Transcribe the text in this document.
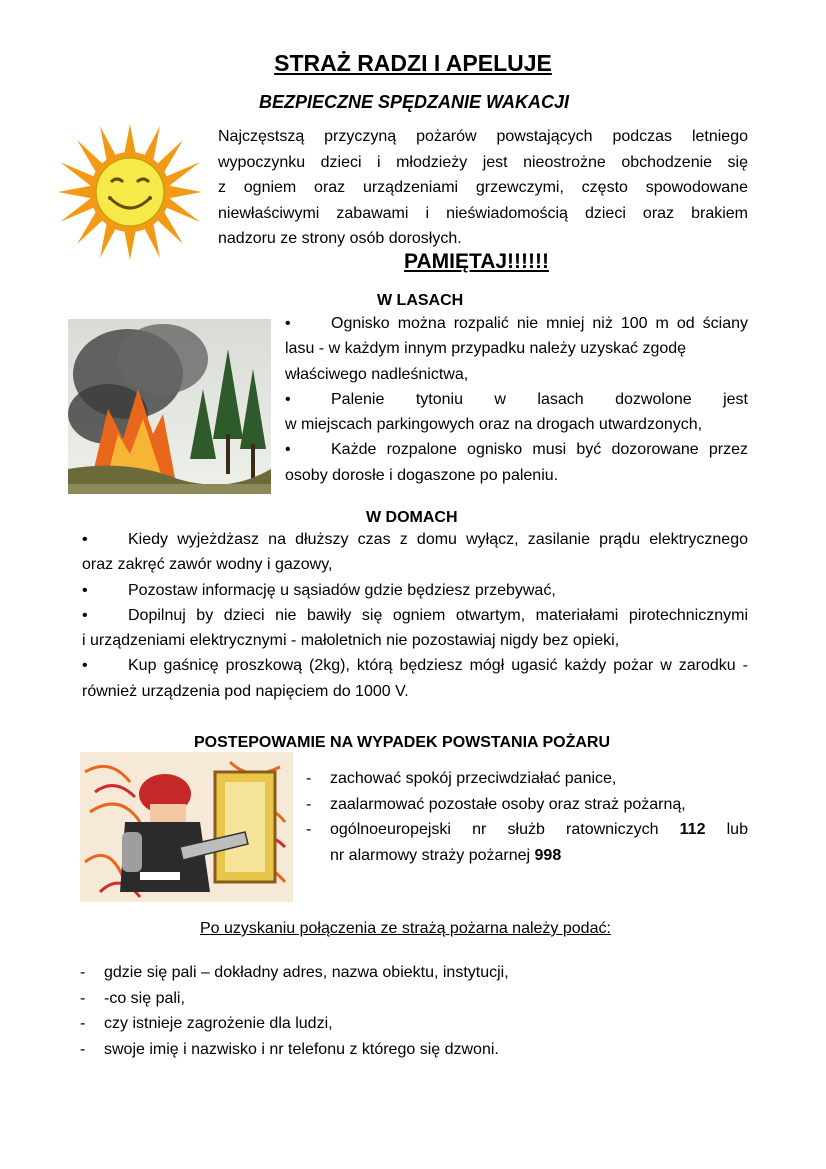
STRAŻ RADZI I APELUJE
BEZPIECZNE SPĘDZANIE WAKACJI
Najczęstszą przyczyną pożarów powstających podczas letniego
wypoczynku dzieci i młodzieży jest nieostrożne obchodzenie się
z ogniem oraz urządzeniami grzewczymi, często spowodowane
niewłaściwymi zabawami i nieświadomością dzieci oraz brakiem
nadzoru ze strony osób dorosłych.
PAMIĘTAJ!!!!!!
W LASACH
•	Ognisko można rozpalić nie mniej niż 100 m od ściany
lasu - w każdym innym przypadku należy uzyskać zgodę
właściwego nadleśnictwa,
•	Palenie tytoniu w lasach dozwolone jest
w miejscach parkingowych oraz na drogach utwardzonych,
•	Każde rozpalone ognisko musi być dozorowane przez
osoby dorosłe i dogaszone po paleniu.
W DOMACH
•	Kiedy wyjeżdżasz na dłuższy czas z domu wyłącz, zasilanie prądu elektrycznego
oraz zakręć zawór wodny i gazowy,
•	Pozostaw informację u sąsiadów gdzie będziesz przebywać,
•	Dopilnuj by dzieci nie bawiły się ogniem otwartym, materiałami pirotechnicznymi
i urządzeniami elektrycznymi - małoletnich nie pozostawiaj nigdy bez opieki,
•	Kup gaśnicę proszkową (2kg), którą będziesz mógł ugasić każdy pożar w zarodku -
również urządzenia pod napięciem do 1000 V.
POSTEPOWAMIE NA WYPADEK POWSTANIA POŻARU
-	zachować spokój przeciwdziałać panice,
-	zaalarmować pozostałe osoby oraz straż pożarną,
-	ogólnoeuropejski nr służb ratowniczych 112 lub
nr alarmowy straży pożarnej 998
Po uzyskaniu połączenia ze strażą pożarna należy podać:
-	gdzie się pali – dokładny adres, nazwa obiektu, instytucji,
-	-co się pali,
-	czy istnieje zagrożenie dla ludzi,
-	swoje imię i nazwisko i nr telefonu z którego się dzwoni.
